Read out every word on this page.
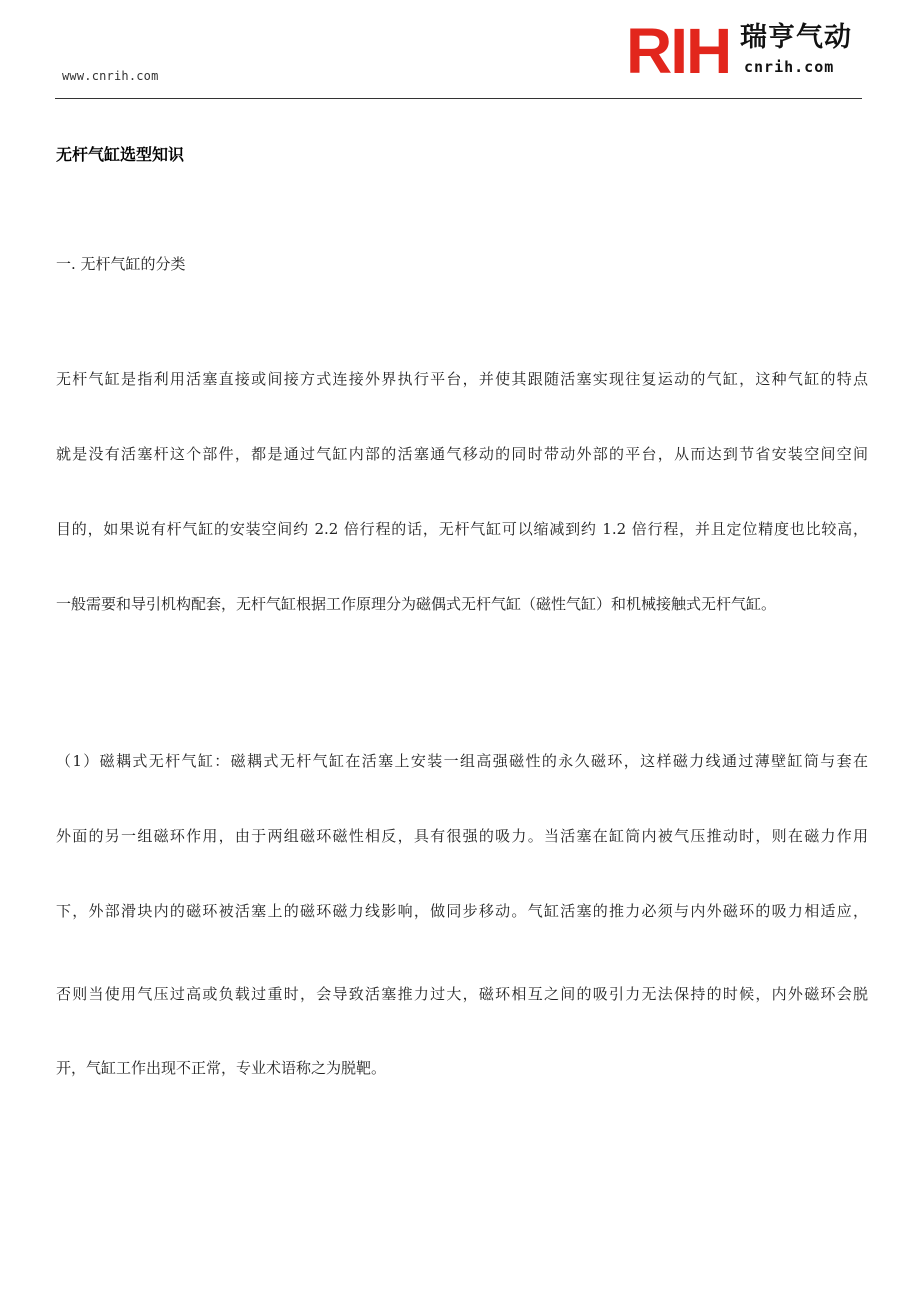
www.cnrih.com	RIH 瑞亨气动
cnrih.com
无杆气缸选型知识
一. 无杆气缸的分类

无杆气缸是指利用活塞直接或间接方式连接外界执行平台，并使其跟随活塞实现往复运动的气缸，这种气缸的特点

就是没有活塞杆这个部件，都是通过气缸内部的活塞通气移动的同时带动外部的平台，从而达到节省安装空间空间

目的，如果说有杆气缸的安装空间约 2.2 倍行程的话，无杆气缸可以缩减到约 1.2 倍行程，并且定位精度也比较高，

一般需要和导引机构配套，无杆气缸根据工作原理分为磁偶式无杆气缸（磁性气缸）和机械接触式无杆气缸。

（1）磁耦式无杆气缸：磁耦式无杆气缸在活塞上安装一组高强磁性的永久磁环，这样磁力线通过薄壁缸筒与套在

外面的另一组磁环作用，由于两组磁环磁性相反，具有很强的吸力。当活塞在缸筒内被气压推动时，则在磁力作用

下，外部滑块内的磁环被活塞上的磁环磁力线影响，做同步移动。气缸活塞的推力必须与内外磁环的吸力相适应，

否则当使用气压过高或负载过重时，会导致活塞推力过大，磁环相互之间的吸引力无法保持的时候，内外磁环会脱

开，气缸工作出现不正常，专业术语称之为脱靶。
